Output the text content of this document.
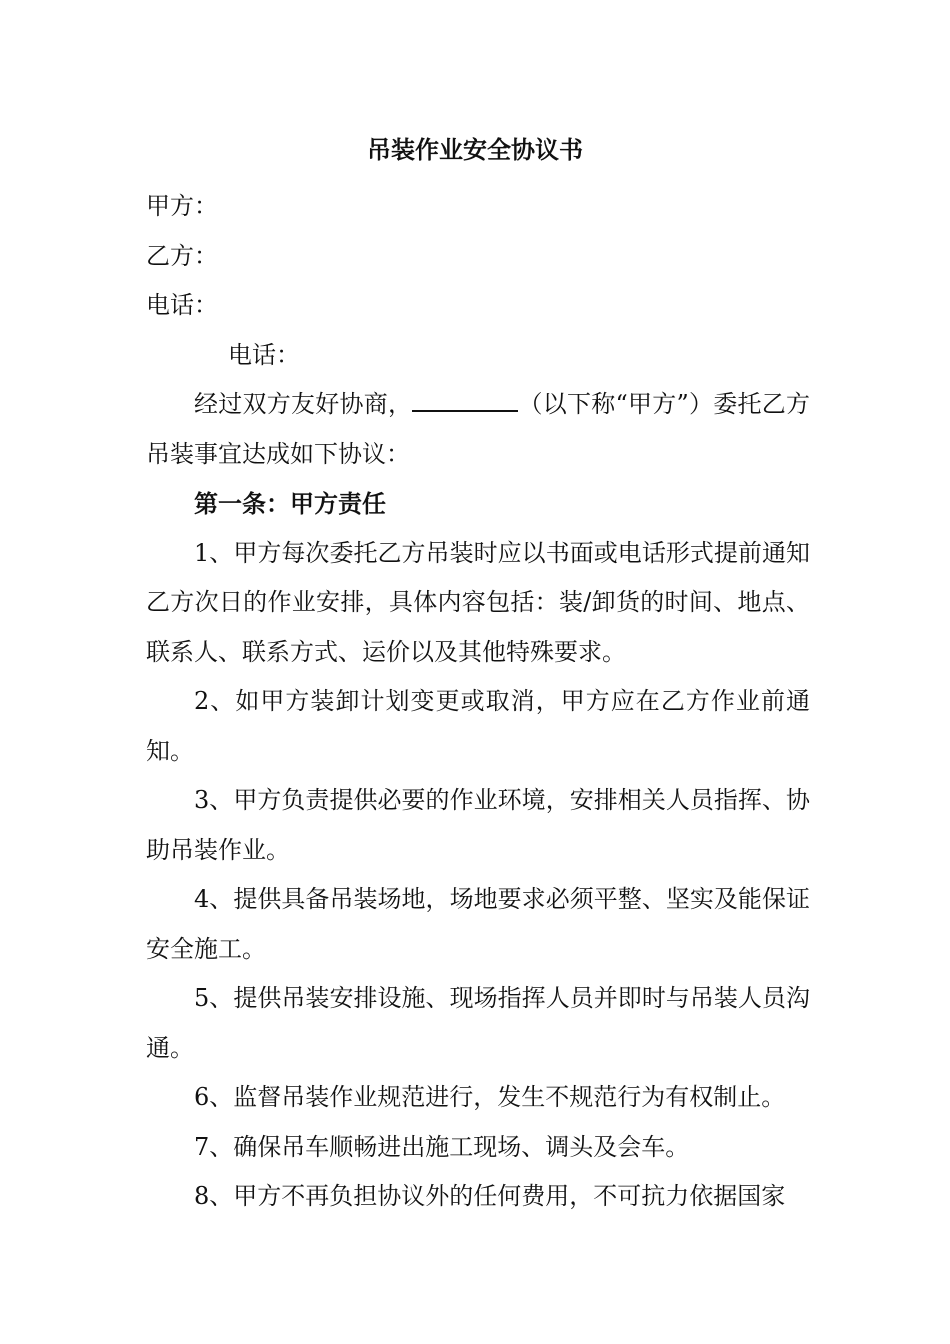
吊装作业安全协议书

甲方：

乙方：

电话：

电话：

经过双方友好协商，	（以下称“甲方”）委托乙方吊装事宜达成如下协议：

第一条：甲方责任

1、甲方每次委托乙方吊装时应以书面或电话形式提前通知乙方次日的作业安排，具体内容包括：装/卸货的时间、地点、联系人、联系方式、运价以及其他特殊要求。

2、如甲方装卸计划变更或取消，甲方应在乙方作业前通知。

3、甲方负责提供必要的作业环境，安排相关人员指挥、协助吊装作业。

4、提供具备吊装场地，场地要求必须平整、坚实及能保证安全施工。

5、提供吊装安排设施、现场指挥人员并即时与吊装人员沟通。

6、监督吊装作业规范进行，发生不规范行为有权制止。

7、确保吊车顺畅进出施工现场、调头及会车。

8、甲方不再负担协议外的任何费用，不可抗力依据国家
